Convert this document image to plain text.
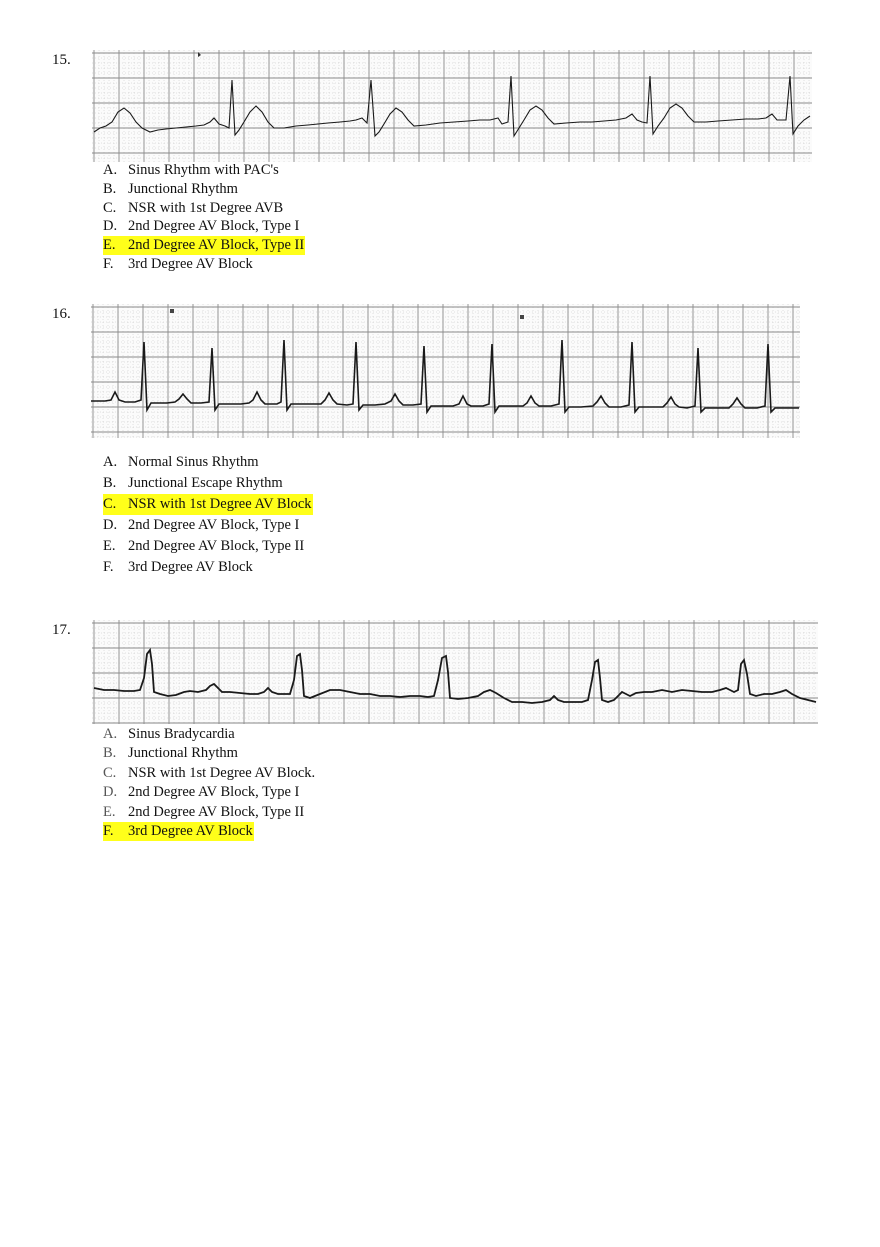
15.
A. Sinus Rhythm with PAC's
B. Junctional Rhythm
C. NSR with 1st Degree AVB
D. 2nd Degree AV Block, Type I
E. 2nd Degree AV Block, Type II
F. 3rd Degree AV Block
16.
A. Normal Sinus Rhythm
B. Junctional Escape Rhythm
C. NSR with 1st Degree AV Block
D. 2nd Degree AV Block, Type I
E. 2nd Degree AV Block, Type II
F. 3rd Degree AV Block
17.
A. Sinus Bradycardia
B. Junctional Rhythm
C. NSR with 1st Degree AV Block.
D. 2nd Degree AV Block, Type I
E. 2nd Degree AV Block, Type II
F. 3rd Degree AV Block
